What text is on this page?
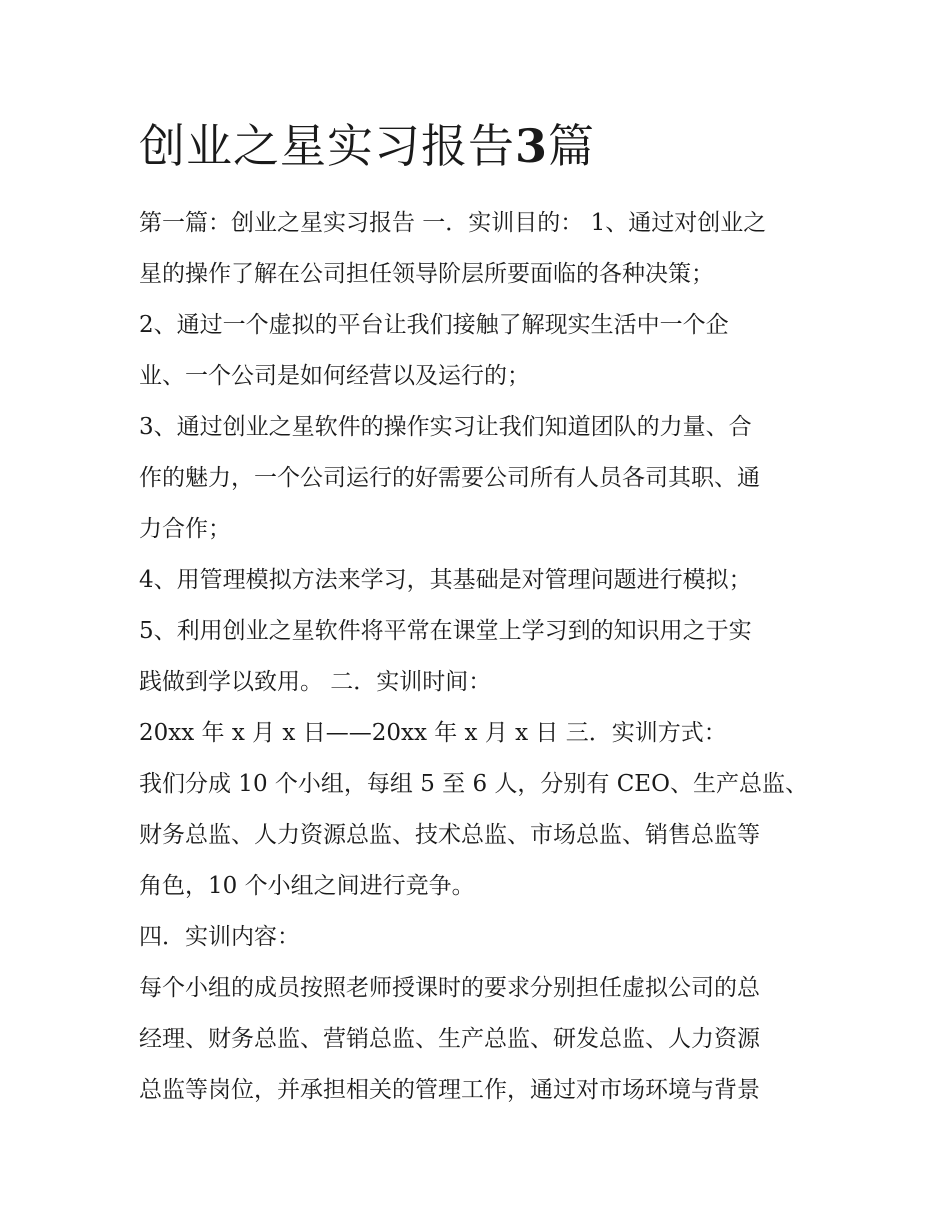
创业之星实习报告3篇
第一篇：创业之星实习报告 一．实训目的： 1、通过对创业之
星的操作了解在公司担任领导阶层所要面临的各种决策；
2、通过一个虚拟的平台让我们接触了解现实生活中一个企
业、一个公司是如何经营以及运行的；
3、通过创业之星软件的操作实习让我们知道团队的力量、合
作的魅力，一个公司运行的好需要公司所有人员各司其职、通
力合作；
4、用管理模拟方法来学习，其基础是对管理问题进行模拟；
5、利用创业之星软件将平常在课堂上学习到的知识用之于实
践做到学以致用。 二．实训时间：
20xx 年 x 月 x 日——20xx 年 x 月 x 日 三．实训方式：
我们分成 10 个小组，每组 5 至 6 人，分别有 CEO、生产总监、
财务总监、人力资源总监、技术总监、市场总监、销售总监等
角色，10 个小组之间进行竞争。
四．实训内容：
每个小组的成员按照老师授课时的要求分别担任虚拟公司的总
经理、财务总监、营销总监、生产总监、研发总监、人力资源
总监等岗位，并承担相关的管理工作，通过对市场环境与背景
